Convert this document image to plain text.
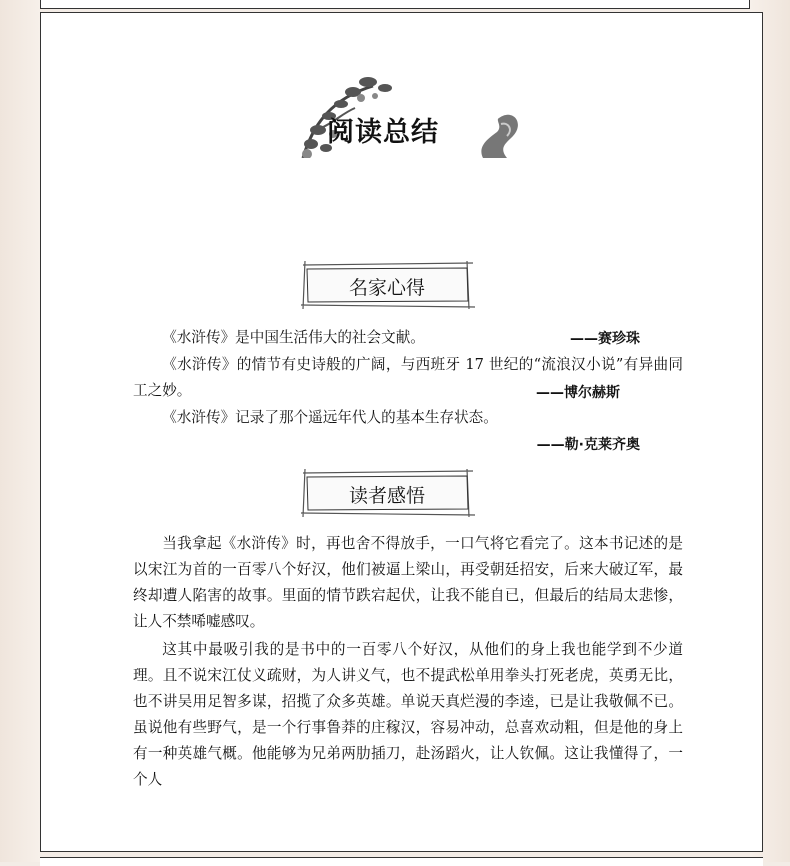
阅读总结
名家心得
《水浒传》是中国生活伟大的社会文献。	——赛珍珠
《水浒传》的情节有史诗般的广阔，与西班牙 17 世纪的“流浪汉小说”有异曲同工之妙。	——博尔赫斯
《水浒传》记录了那个遥远年代人的基本生存状态。
——勒·克莱齐奥
读者感悟
当我拿起《水浒传》时，再也舍不得放手，一口气将它看完了。这本书记述的是以宋江为首的一百零八个好汉，他们被逼上梁山，再受朝廷招安，后来大破辽军，最终却遭人陷害的故事。里面的情节跌宕起伏，让我不能自已，但最后的结局太悲惨，让人不禁唏嘘感叹。
这其中最吸引我的是书中的一百零八个好汉，从他们的身上我也能学到不少道理。且不说宋江仗义疏财，为人讲义气，也不提武松单用拳头打死老虎，英勇无比，也不讲吴用足智多谋，招揽了众多英雄。单说天真烂漫的李逵，已是让我敬佩不已。虽说他有些野气，是一个行事鲁莽的庄稼汉，容易冲动，总喜欢动粗，但是他的身上有一种英雄气概。他能够为兄弟两肋插刀，赴汤蹈火，让人钦佩。这让我懂得了，一个人
